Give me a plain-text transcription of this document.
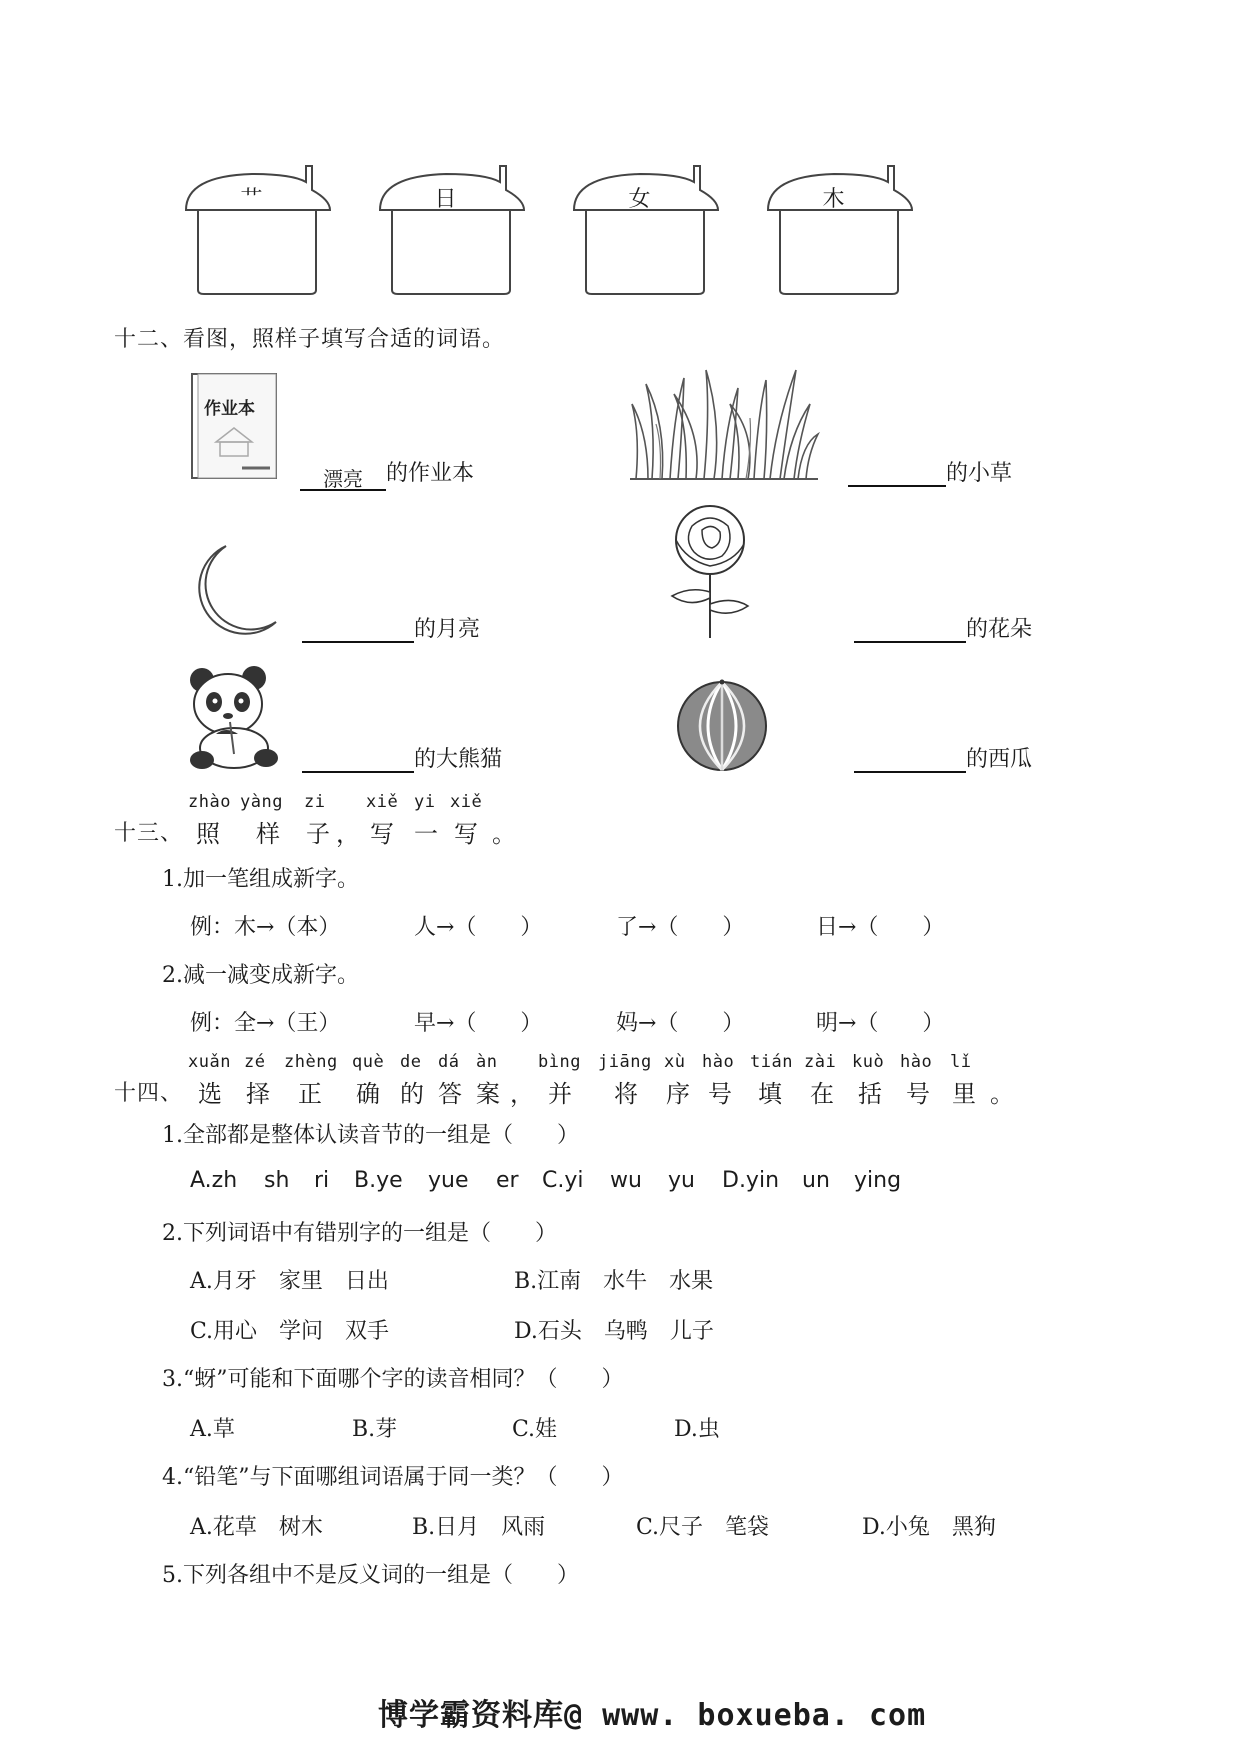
艹	日	女	木
十二、看图，照样子填写合适的词语。
作业本
漂亮 的作业本	的小草
的月亮	的花朵
的大熊猫	的西瓜
十三、
zhào yàng zi xiě yi xiě
照 样 子 ， 写 一 写 。
1.加一笔组成新字。
例：木→（本）	人→（　　）	了→（　　）	日→（　　）
2.减一减变成新字。
例：全→（王）	早→（　　）	妈→（　　）	明→（　　）
十四、
xuǎn zé zhèng què de dá àn bìng jiāng xù hào tián zài kuò hào lǐ
选 择 正 确 的 答 案 ， 并 将 序 号 填 在 括 号 里 。
1.全部都是整体认读音节的一组是（　　）
A.zh sh ri B.ye yue er C.yi wu yu D.yin un ying
2.下列词语中有错别字的一组是（　　）
A.月牙　家里　日出	B.江南　水牛　水果
C.用心　学问　双手	D.石头　乌鸭　儿子
3.“蚜”可能和下面哪个字的读音相同？（　　）
A.草	B.芽	C.娃	D.虫
4.“铅笔”与下面哪组词语属于同一类？（　　）
A.花草　树木	B.日月　风雨	C.尺子　笔袋	D.小兔　黑狗
5.下列各组中不是反义词的一组是（　　）
博学霸资料库@ www. boxueba. com
